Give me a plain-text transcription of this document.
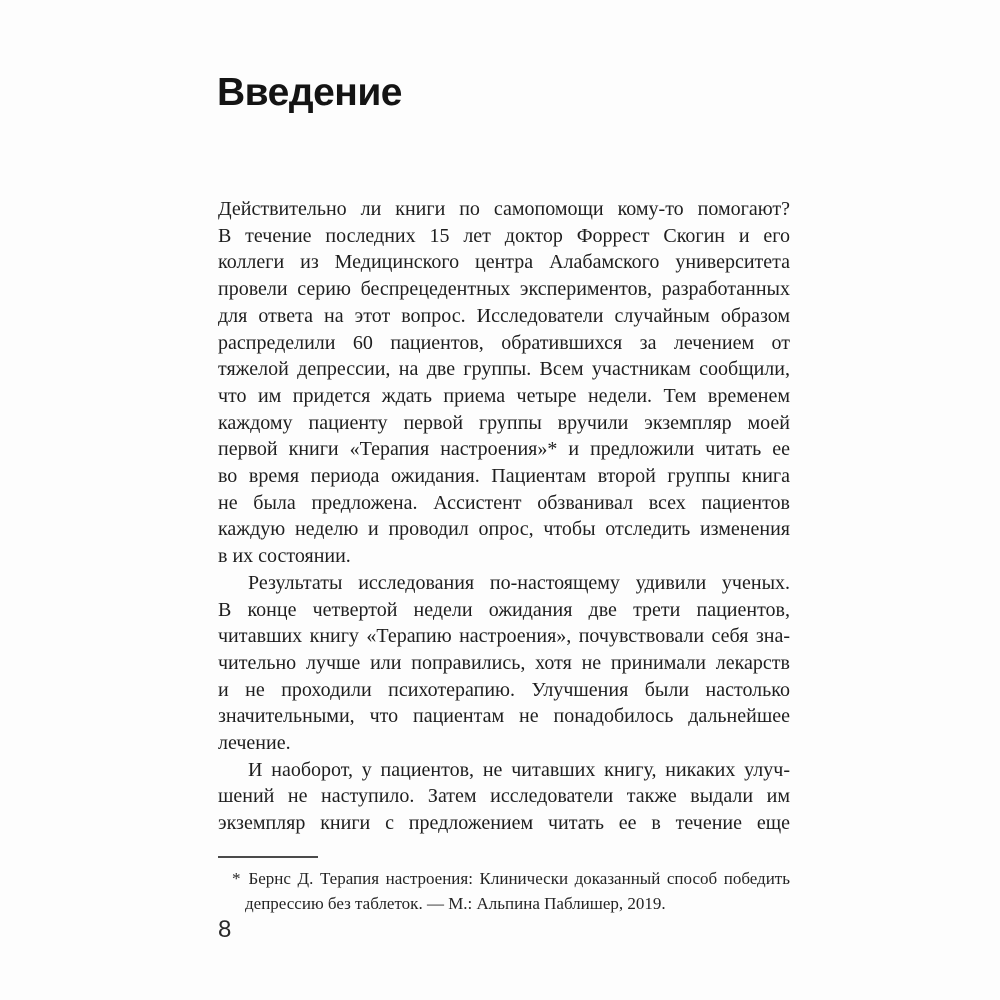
Введение
Действительно ли книги по самопомощи кому-то помогают?
В течение последних 15 лет доктор Форрест Скогин и его
коллеги из Медицинского центра Алабамского университета
провели серию беспрецедентных экспериментов, разработанных
для ответа на этот вопрос. Исследователи случайным образом
распределили 60 пациентов, обратившихся за лечением от
тяжелой депрессии, на две группы. Всем участникам сообщили,
что им придется ждать приема четыре недели. Тем временем
каждому пациенту первой группы вручили экземпляр моей
первой книги «Терапия настроения»* и предложили читать ее
во время периода ожидания. Пациентам второй группы книга
не была предложена. Ассистент обзванивал всех пациентов
каждую неделю и проводил опрос, чтобы отследить изменения
в их состоянии.
Результаты исследования по-настоящему удивили ученых.
В конце четвертой недели ожидания две трети пациентов,
читавших книгу «Терапию настроения», почувствовали себя зна-
чительно лучше или поправились, хотя не принимали лекарств
и не проходили психотерапию. Улучшения были настолько
значительными, что пациентам не понадобилось дальнейшее
лечение.
И наоборот, у пациентов, не читавших книгу, никаких улуч-
шений не наступило. Затем исследователи также выдали им
экземпляр книги с предложением читать ее в течение еще
* Бернс Д. Терапия настроения: Клинически доказанный способ победить
депрессию без таблеток. — М.: Альпина Паблишер, 2019.
8
